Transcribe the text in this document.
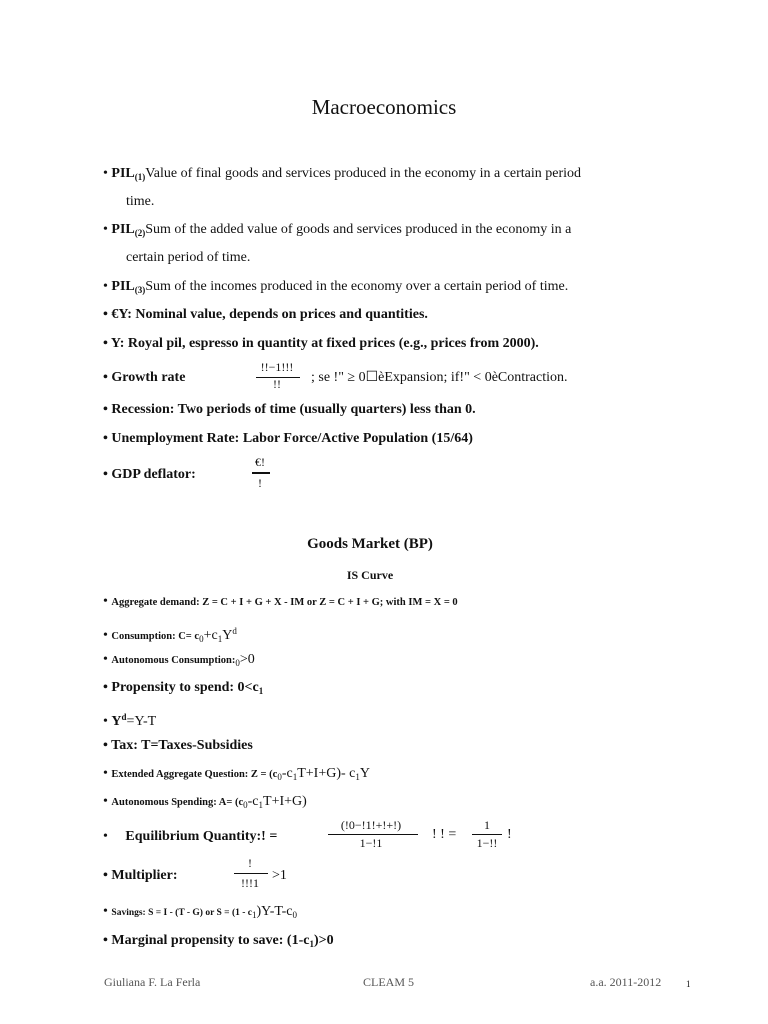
Macroeconomics
• $PIL_{(1)}Value$ of final goods and services produced in the economy in a certain period
time.
• $PIL_{(2)}Sum$ of the added value of goods and services produced in the economy in a
certain period of time.
• $PIL_{(3)}Sum$ of the incomes produced in the economy over a certain period of time.
• €Y: Nominal value, depends on prices and quantities.
• Y: Royal pil, espresso in quantity at fixed prices (e.g., prices from 2000).
• Growth rate
!!−1!!!
!!	; se !" ≥ 0☐èExpansion; if!" < 0èContraction.
• Recession: Two periods of time (usually quarters) less than 0.
• Unemployment Rate: Labor Force/Active Population (15/64)
• GDP deflator:
€!
!
Goods Market (BP)
IS Curve
• Aggregate demand: Z = C + I + G + X - IM or Z = C + I + G; with IM = X = 0
• Consumption: $C= c_0+c_1Y^d$
• Autonomous $Consumption:_0>0$
• Propensity to spend: $0<c_1$
• $Y^d=Y-T$
• Tax: T=Taxes-Subsidies
• Extended Aggregate Question: $Z = (c_0-c_1T+I+G)-$ $c_1Y$
• Autonomous Spending: $A= (c_0-c_1T+I+G)$
• Equilibrium Quantity:! =
(!0−!1!+!+!)
1−!1
! ! =
1
1−!!
!
• Multiplier:
!
!!!1 >1
• Savings: S = I - (T - G) or $S = (1 - c_1)Y-T-c_0$
• Marginal propensity to save: $(1-c_1)>0$
Giuliana F. La Ferla	CLEAM 5	a.a. 2011-2012	1
